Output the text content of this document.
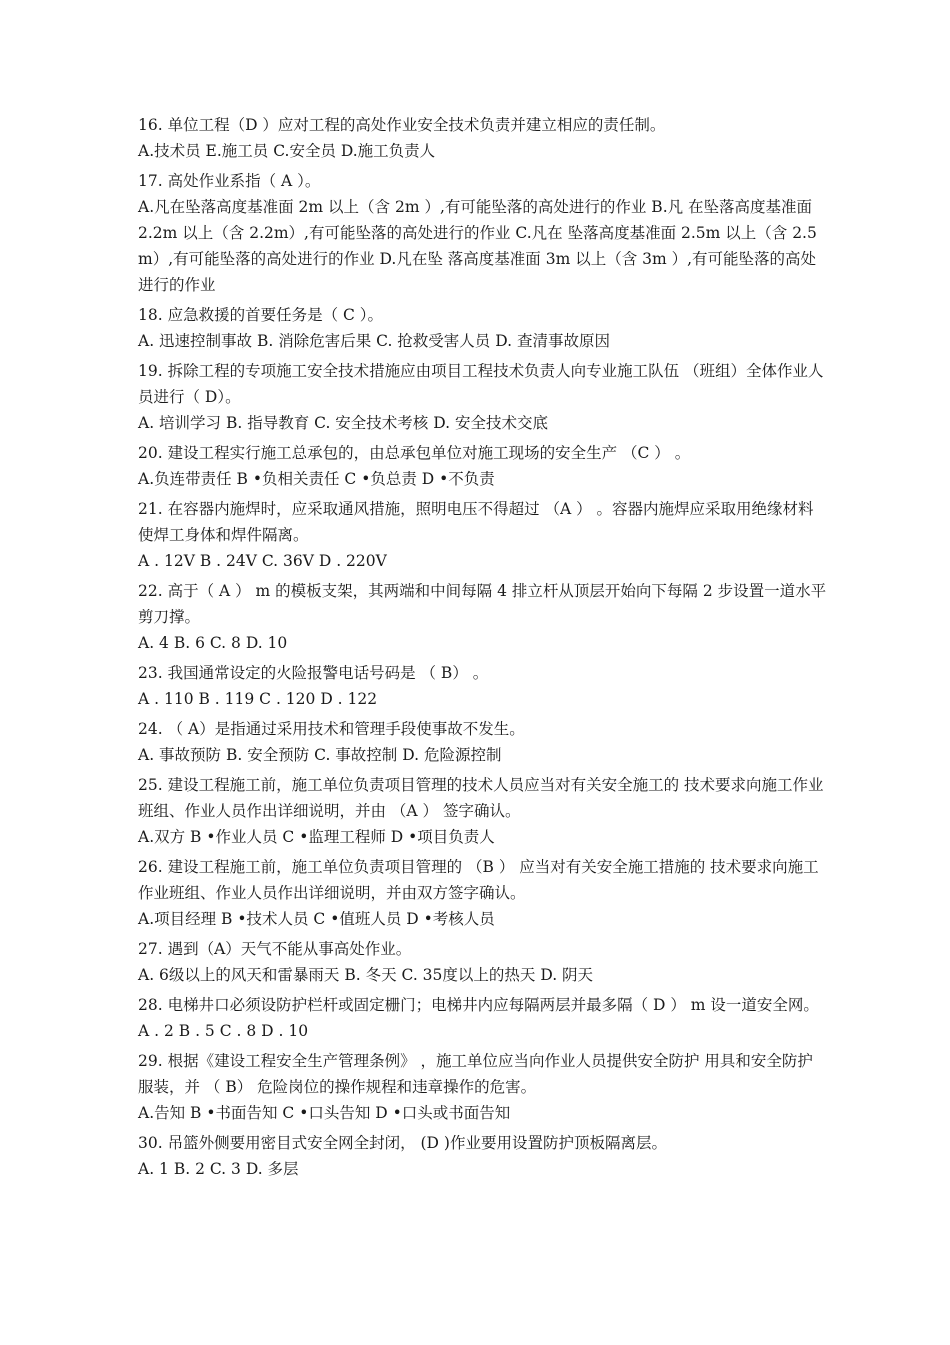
16. 单位工程（D ）应对工程的高处作业安全技术负责并建立相应的责任制。
A.技术员 E.施工员 C.安全员 D.施工负责人
17. 高处作业系指（ A ）。
A.凡在坠落高度基准面 2m 以上（含 2m ）,有可能坠落的高处进行的作业 B.凡 在坠落高度基准面 2.2m 以上（含 2.2m）,有可能坠落的高处进行的作业 C.凡在 坠落高度基准面 2.5m 以上（含 2.5m）,有可能坠落的高处进行的作业 D.凡在坠 落高度基准面 3m 以上（含 3m ）,有可能坠落的高处进行的作业
18. 应急救援的首要任务是（ C ）。
A. 迅速控制事故 B. 消除危害后果 C. 抢救受害人员 D. 查清事故原因
19. 拆除工程的专项施工安全技术措施应由项目工程技术负责人向专业施工队伍 （班组）全体作业人员进行（ D）。
A. 培训学习 B. 指导教育 C. 安全技术考核 D. 安全技术交底
20. 建设工程实行施工总承包的，由总承包单位对施工现场的安全生产 （C ） 。
A.负连带责任 B •负相关责任 C •负总责 D •不负责
21. 在容器内施焊时，应采取通风措施，照明电压不得超过 （A ） 。容器内施焊应采取用绝缘材料使焊工身体和焊件隔离。
A . 12V B . 24V C. 36V D . 220V
22. 高于（ A ） m 的模板支架，其两端和中间每隔 4 排立杆从顶层开始向下每隔 2 步设置一道水平剪刀撑。
A. 4 B. 6 C. 8 D. 10
23. 我国通常设定的火险报警电话号码是 （ B） 。
A . 110 B . 119 C . 120 D . 122
24. （ A）是指通过采用技术和管理手段使事故不发生。
A. 事故预防 B. 安全预防 C. 事故控制 D. 危险源控制
25. 建设工程施工前，施工单位负责项目管理的技术人员应当对有关安全施工的 技术要求向施工作业班组、作业人员作出详细说明，并由 （A ） 签字确认。
A.双方 B •作业人员 C •监理工程师 D •项目负责人
26. 建设工程施工前，施工单位负责项目管理的 （B ） 应当对有关安全施工措施的 技术要求向施工作业班组、作业人员作出详细说明，并由双方签字确认。
A.项目经理 B •技术人员 C •值班人员 D •考核人员
27. 遇到（A）天气不能从事高处作业。
A. 6级以上的风天和雷暴雨天 B. 冬天 C. 35度以上的热天 D. 阴天
28. 电梯井口必须设防护栏杆或固定栅门；电梯井内应每隔两层并最多隔（ D ） m 设一道安全网。
A . 2 B . 5 C . 8 D . 10
29. 根据《建设工程安全生产管理条例》 ，施工单位应当向作业人员提供安全防护 用具和安全防护服装，并 （ B） 危险岗位的操作规程和违章操作的危害。
A.告知 B •书面告知 C •口头告知 D •口头或书面告知
30. 吊篮外侧要用密目式安全网全封闭， (D )作业要用设置防护顶板隔离层。
A. 1 B. 2 C. 3 D. 多层
